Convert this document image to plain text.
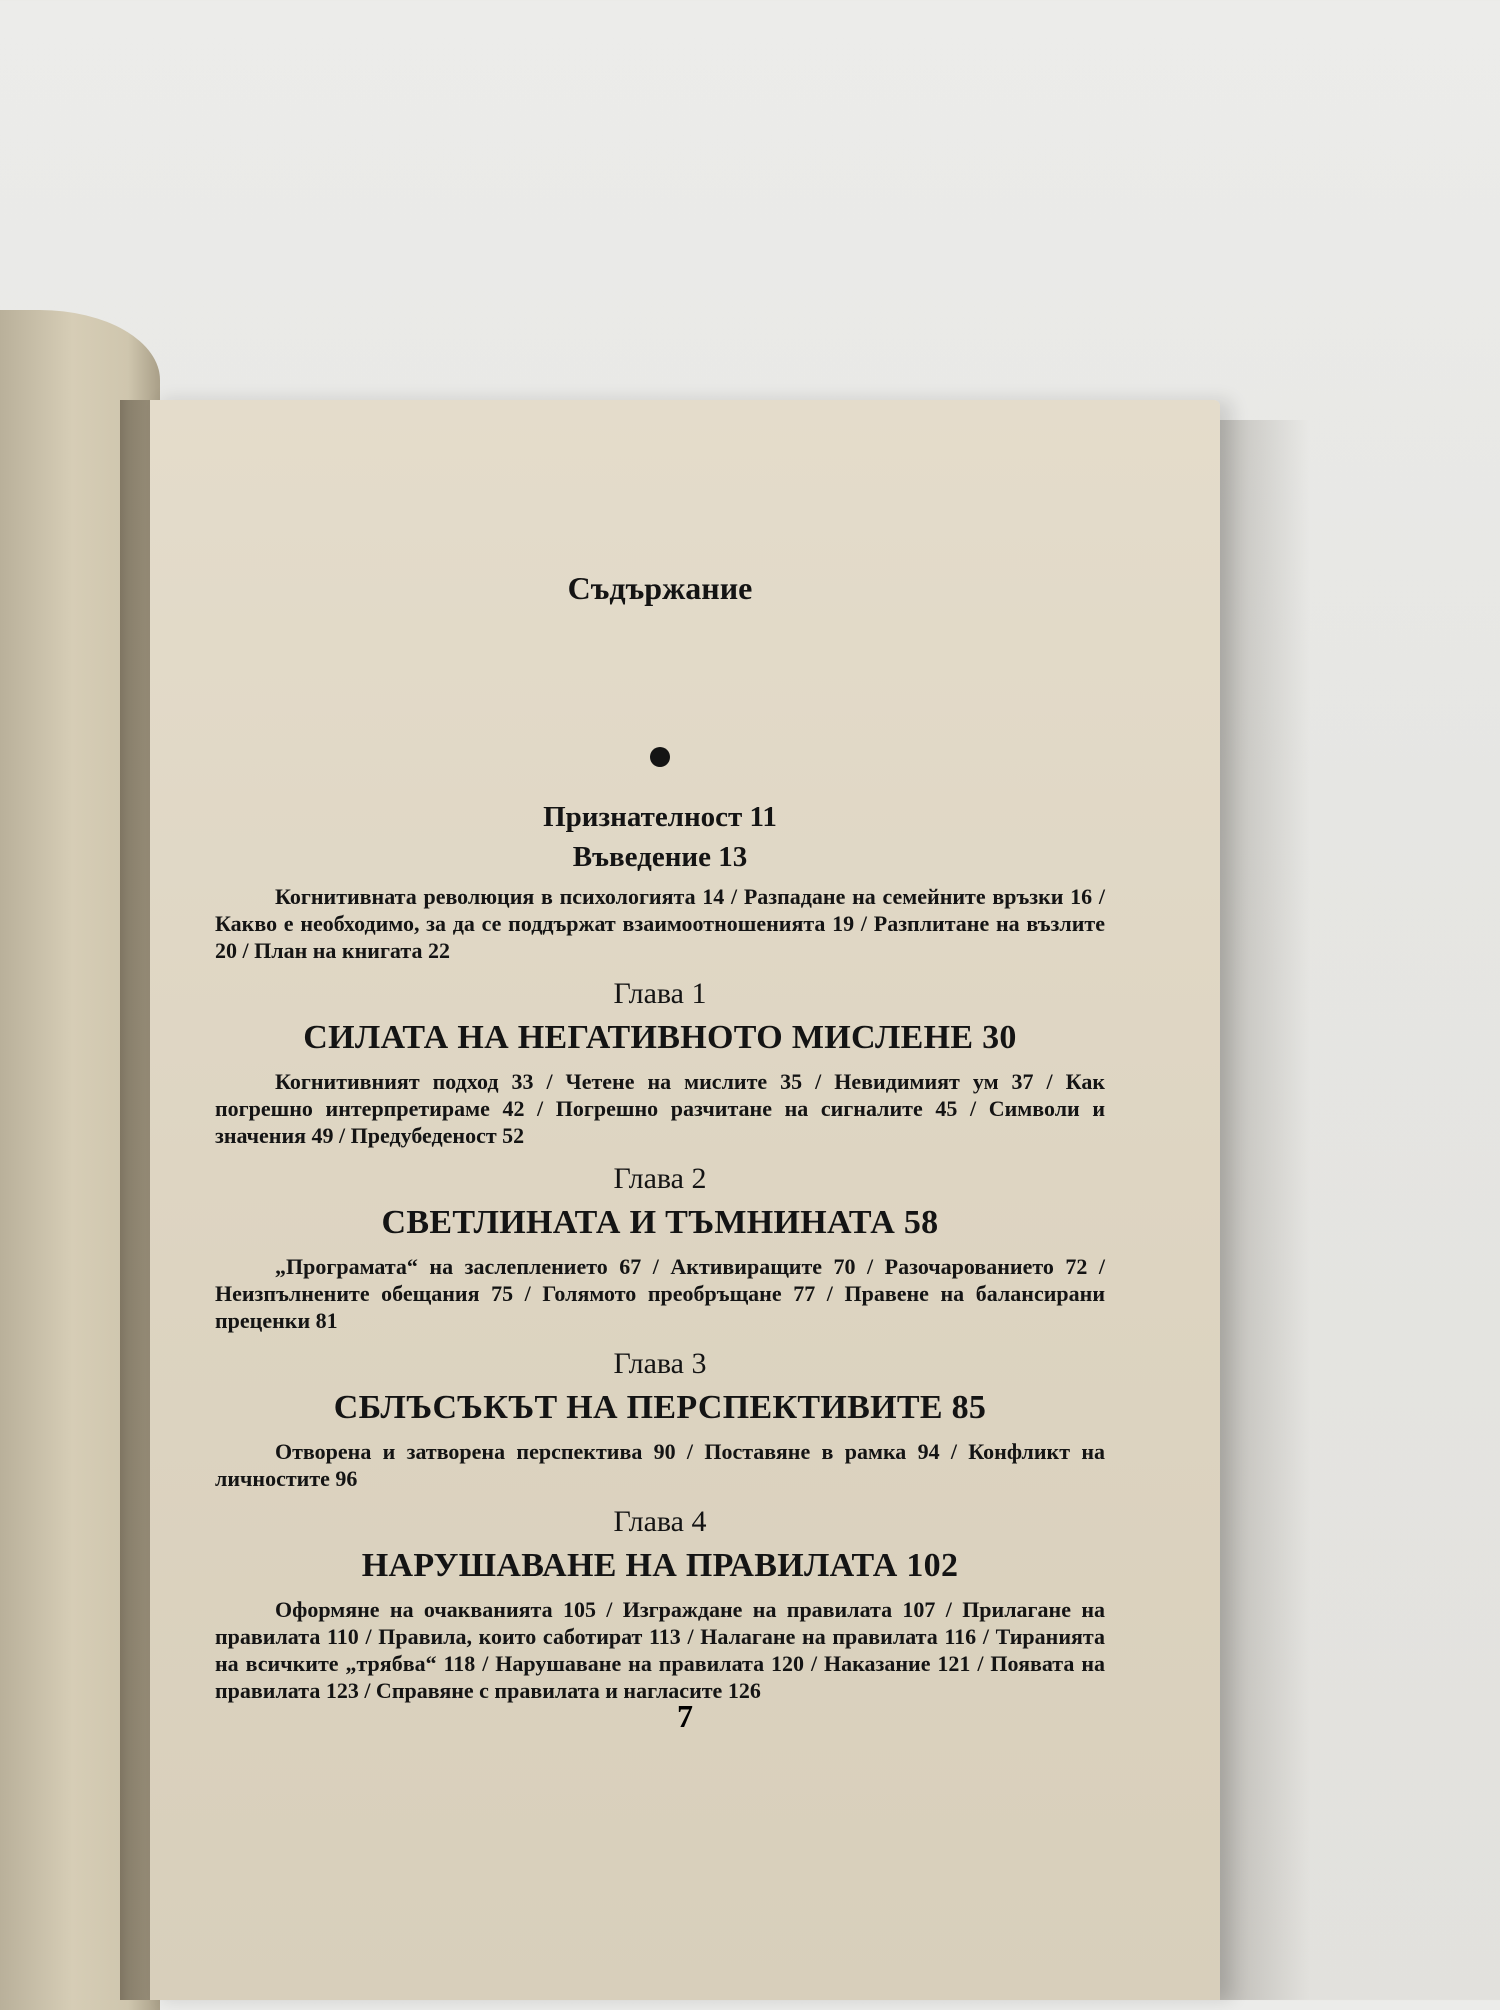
7
Съдържание

Признателност 11

Въведение 13

Когнитивната революция в психологията 14 / Разпадане на семейните връзки 16 / Какво е необходимо, за да се поддържат взаимоотношенията 19 / Разплитане на възлите 20 / План на книгата 22

Глава 1

СИЛАТА НА НЕГАТИВНОТО МИСЛЕНЕ 30

Когнитивният подход 33 / Четене на мислите 35 / Невидимият ум 37 / Как погрешно интерпретираме 42 / Погрешно разчитане на сигналите 45 / Символи и значения 49 / Предубеденост 52

Глава 2

СВЕТЛИНАТА И ТЪМНИНАТА 58

„Програмата“ на заслеплението 67 / Активиращите 70 / Разочарованието 72 / Неизпълнените обещания 75 / Голямото преобръщане 77 / Правене на балансирани преценки 81

Глава 3

СБЛЪСЪКЪТ НА ПЕРСПЕКТИВИТЕ 85

Отворена и затворена перспектива 90 / Поставяне в рамка 94 / Конфликт на личностите 96

Глава 4

НАРУШАВАНЕ НА ПРАВИЛАТА 102

Оформяне на очакванията 105 / Изграждане на правилата 107 / Прилагане на правилата 110 / Правила, които саботират 113 / Налагане на правилата 116 / Тиранията на всичките „трябва“ 118 / Нарушаване на правилата 120 / Наказание 121 / Появата на правилата 123 / Справяне с правилата и нагласите 126
